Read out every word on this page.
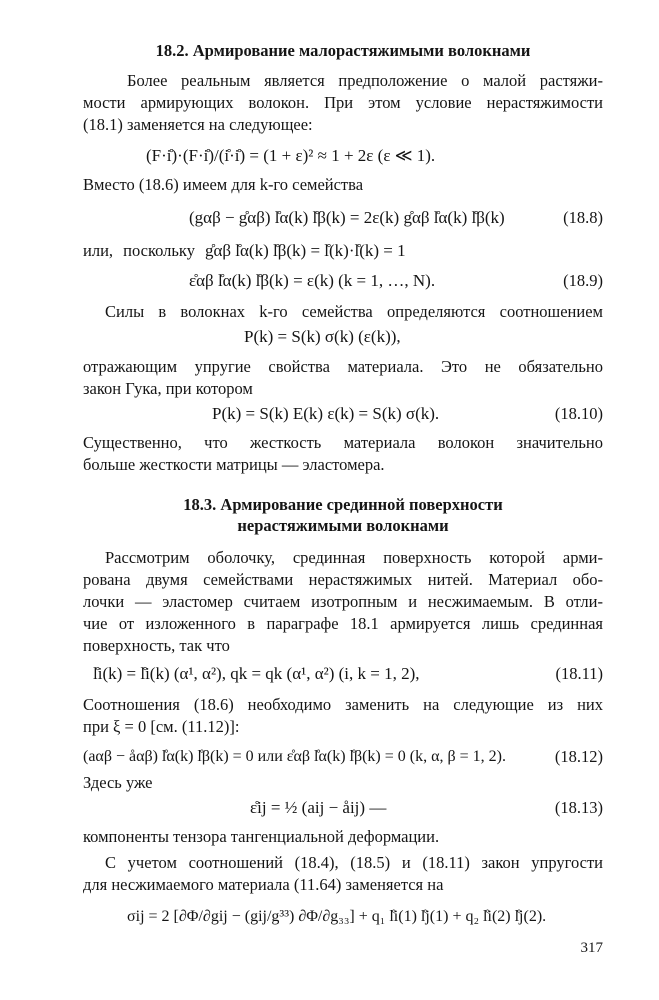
18.2. Армирование малорастяжимыми волокнами
Более реальным является предположение о малой растяжи-
мости армирующих волокон. При этом условие нерастяжимости
(18.1) заменяется на следующее:
(F·i̊)·(F·i̊)/(i̊·i̊) = (1 + ε)² ≈ 1 + 2ε (ε ≪ 1).
Вместо (18.6) имеем для k-го семейства
(gαβ − g̊αβ) l̊α(k) l̊β(k) = 2ε(k) g̊αβ l̊α(k) l̊β(k)	(18.8)
или, поскольку g̊αβ l̊α(k) l̊β(k) = l̊(k)·l̊(k) = 1
ε̊αβ l̊α(k) l̊β(k) = ε(k) (k = 1, …, N).	(18.9)
Силы в волокнах k-го семейства определяются соотношением
P(k) = S(k) σ(k) (ε(k)),
отражающим упругие свойства материала. Это не обязательно
закон Гука, при котором
P(k) = S(k) E(k) ε(k) = S(k) σ(k).	(18.10)
Существенно, что жесткость материала волокон значительно
больше жесткости матрицы — эластомера.
18.3. Армирование срединной поверхности
нерастяжимыми волокнами
Рассмотрим оболочку, срединная поверхность которой арми-
рована двумя семействами нерастяжимых нитей. Материал обо-
лочки — эластомер считаем изотропным и несжимаемым. В отли-
чие от изложенного в параграфе 18.1 армируется лишь срединная
поверхность, так что
l̊i(k) = l̊i(k) (α¹, α²), qk = qk (α¹, α²) (i, k = 1, 2),	(18.11)
Соотношения (18.6) необходимо заменить на следующие из них
при ξ = 0 [см. (11.12)]:
(aαβ − åαβ) l̊α(k) l̊β(k) = 0 или ε̊αβ l̊α(k) l̊β(k) = 0 (k, α, β = 1, 2).	(18.12)
Здесь уже
ε̊ij = ½ (aij − åij) —	(18.13)
компоненты тензора тангенциальной деформации.
С учетом соотношений (18.4), (18.5) и (18.11) закон упругости
для несжимаемого материала (11.64) заменяется на
σij = 2 [∂Φ/∂gij − (gij/g³³) ∂Φ/∂g₃₃] + q₁ l̊i(1) l̊j(1) + q₂ l̊i(2) l̊j(2).
317
